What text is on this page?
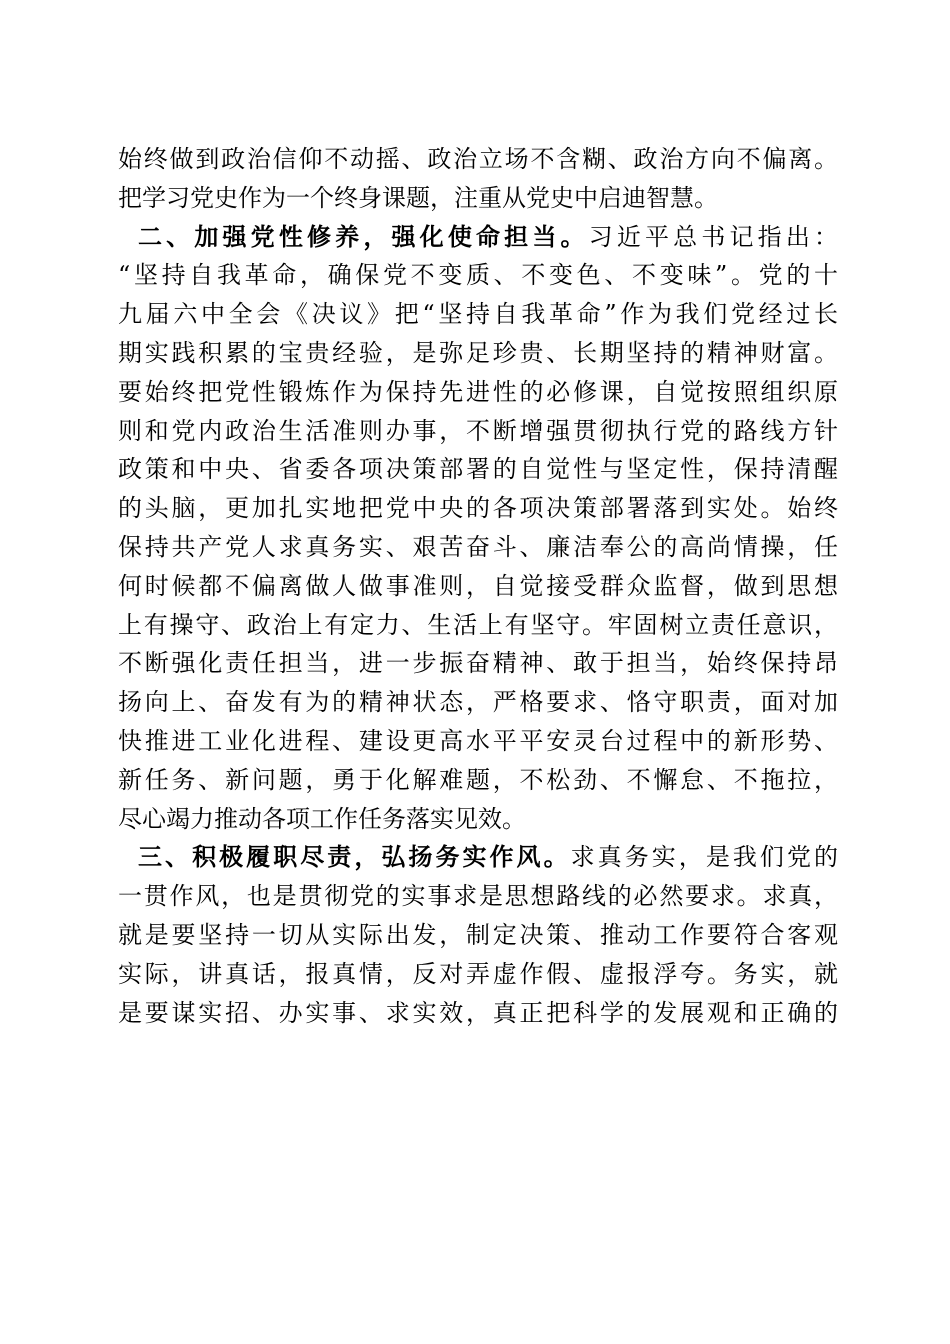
始终做到政治信仰不动摇、政治立场不含糊、政治方向不偏离。
把学习党史作为一个终身课题，注重从党史中启迪智慧。
二、加强党性修养，强化使命担当。习近平总书记指出：
“坚持自我革命，确保党不变质、不变色、不变味”。党的十
九届六中全会《决议》把“坚持自我革命”作为我们党经过长
期实践积累的宝贵经验，是弥足珍贵、长期坚持的精神财富。
要始终把党性锻炼作为保持先进性的必修课，自觉按照组织原
则和党内政治生活准则办事，不断增强贯彻执行党的路线方针
政策和中央、省委各项决策部署的自觉性与坚定性，保持清醒
的头脑，更加扎实地把党中央的各项决策部署落到实处。始终
保持共产党人求真务实、艰苦奋斗、廉洁奉公的高尚情操，任
何时候都不偏离做人做事准则，自觉接受群众监督，做到思想
上有操守、政治上有定力、生活上有坚守。牢固树立责任意识，
不断强化责任担当，进一步振奋精神、敢于担当，始终保持昂
扬向上、奋发有为的精神状态，严格要求、恪守职责，面对加
快推进工业化进程、建设更高水平平安灵台过程中的新形势、
新任务、新问题，勇于化解难题，不松劲、不懈怠、不拖拉，
尽心竭力推动各项工作任务落实见效。
三、积极履职尽责，弘扬务实作风。求真务实，是我们党的
一贯作风，也是贯彻党的实事求是思想路线的必然要求。求真，
就是要坚持一切从实际出发，制定决策、推动工作要符合客观
实际，讲真话，报真情，反对弄虚作假、虚报浮夸。务实，就
是要谋实招、办实事、求实效，真正把科学的发展观和正确的
